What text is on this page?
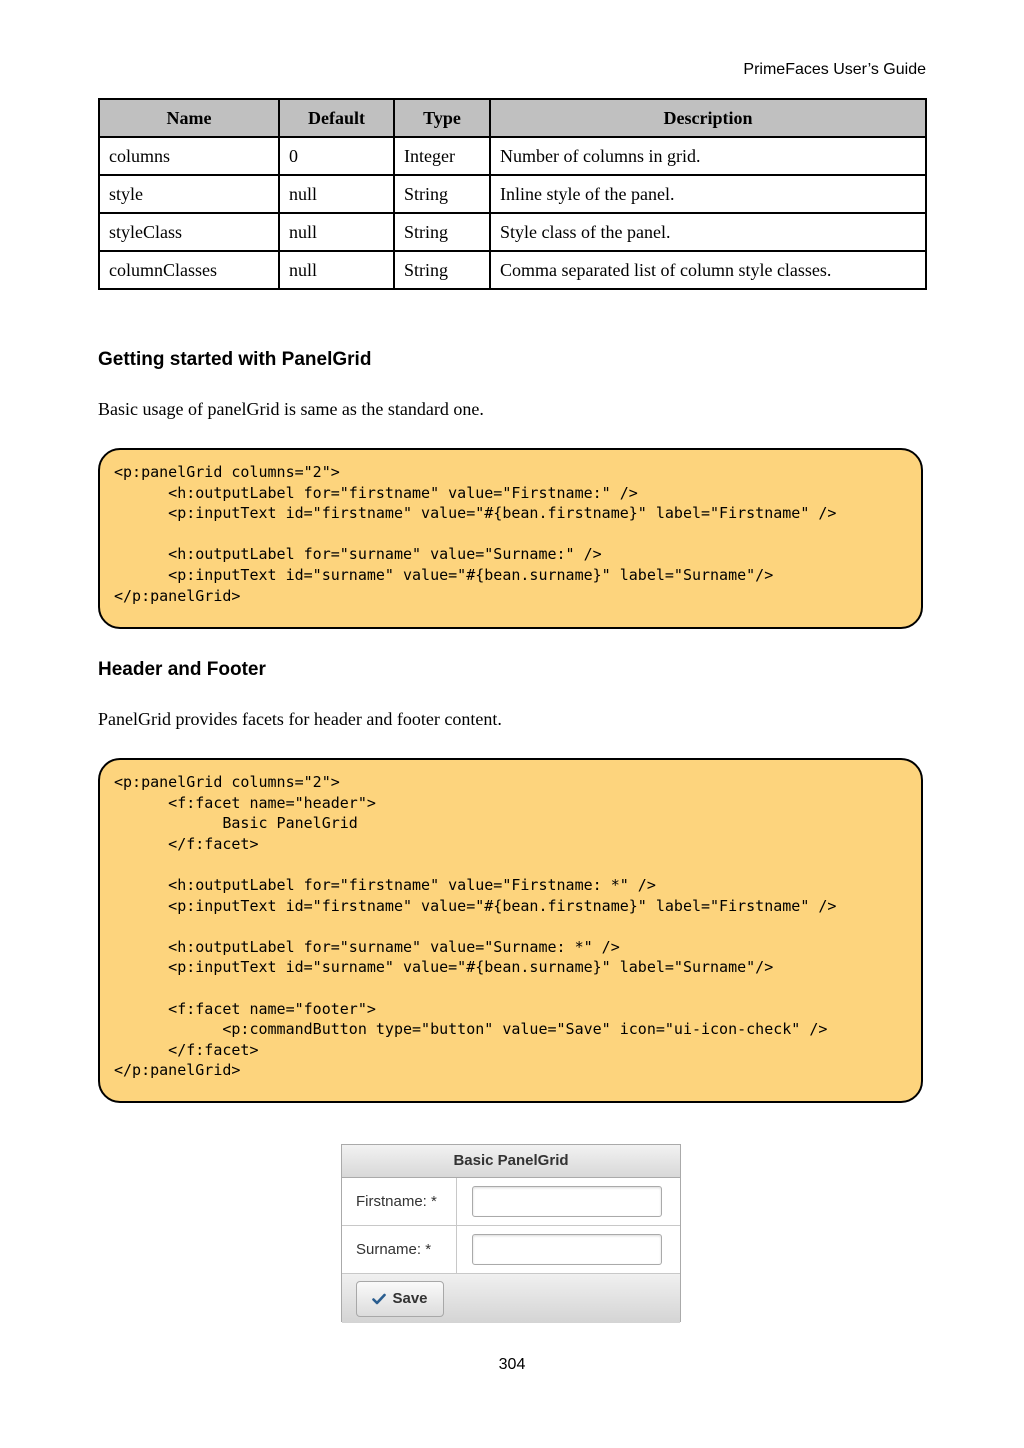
PrimeFaces User’s Guide
Name	Default	Type	Description
columns	0	Integer	Number of columns in grid.
style	null	String	Inline style of the panel.
styleClass	null	String	Style class of the panel.
columnClasses	null	String	Comma separated list of column style classes.
Getting started with PanelGrid

Basic usage of panelGrid is same as the standard one.

<p:panelGrid columns="2">
<h:outputLabel for="firstname" value="Firstname:" />
<p:inputText id="firstname" value="#{bean.firstname}" label="Firstname" />
<h:outputLabel for="surname" value="Surname:" />
<p:inputText id="surname" value="#{bean.surname}" label="Surname"/>
</p:panelGrid>
Header and Footer

PanelGrid provides facets for header and footer content.

<p:panelGrid columns="2">
<f:facet name="header">
Basic PanelGrid
</f:facet>
<h:outputLabel for="firstname" value="Firstname: *" />
<p:inputText id="firstname" value="#{bean.firstname}" label="Firstname" />
<h:outputLabel for="surname" value="Surname: *" />
<p:inputText id="surname" value="#{bean.surname}" label="Surname"/>
<f:facet name="footer">
<p:commandButton type="button" value="Save" icon="ui-icon-check" />
</f:facet>
</p:panelGrid>
Basic PanelGrid
Firstname: *
Surname: *
Save
304
